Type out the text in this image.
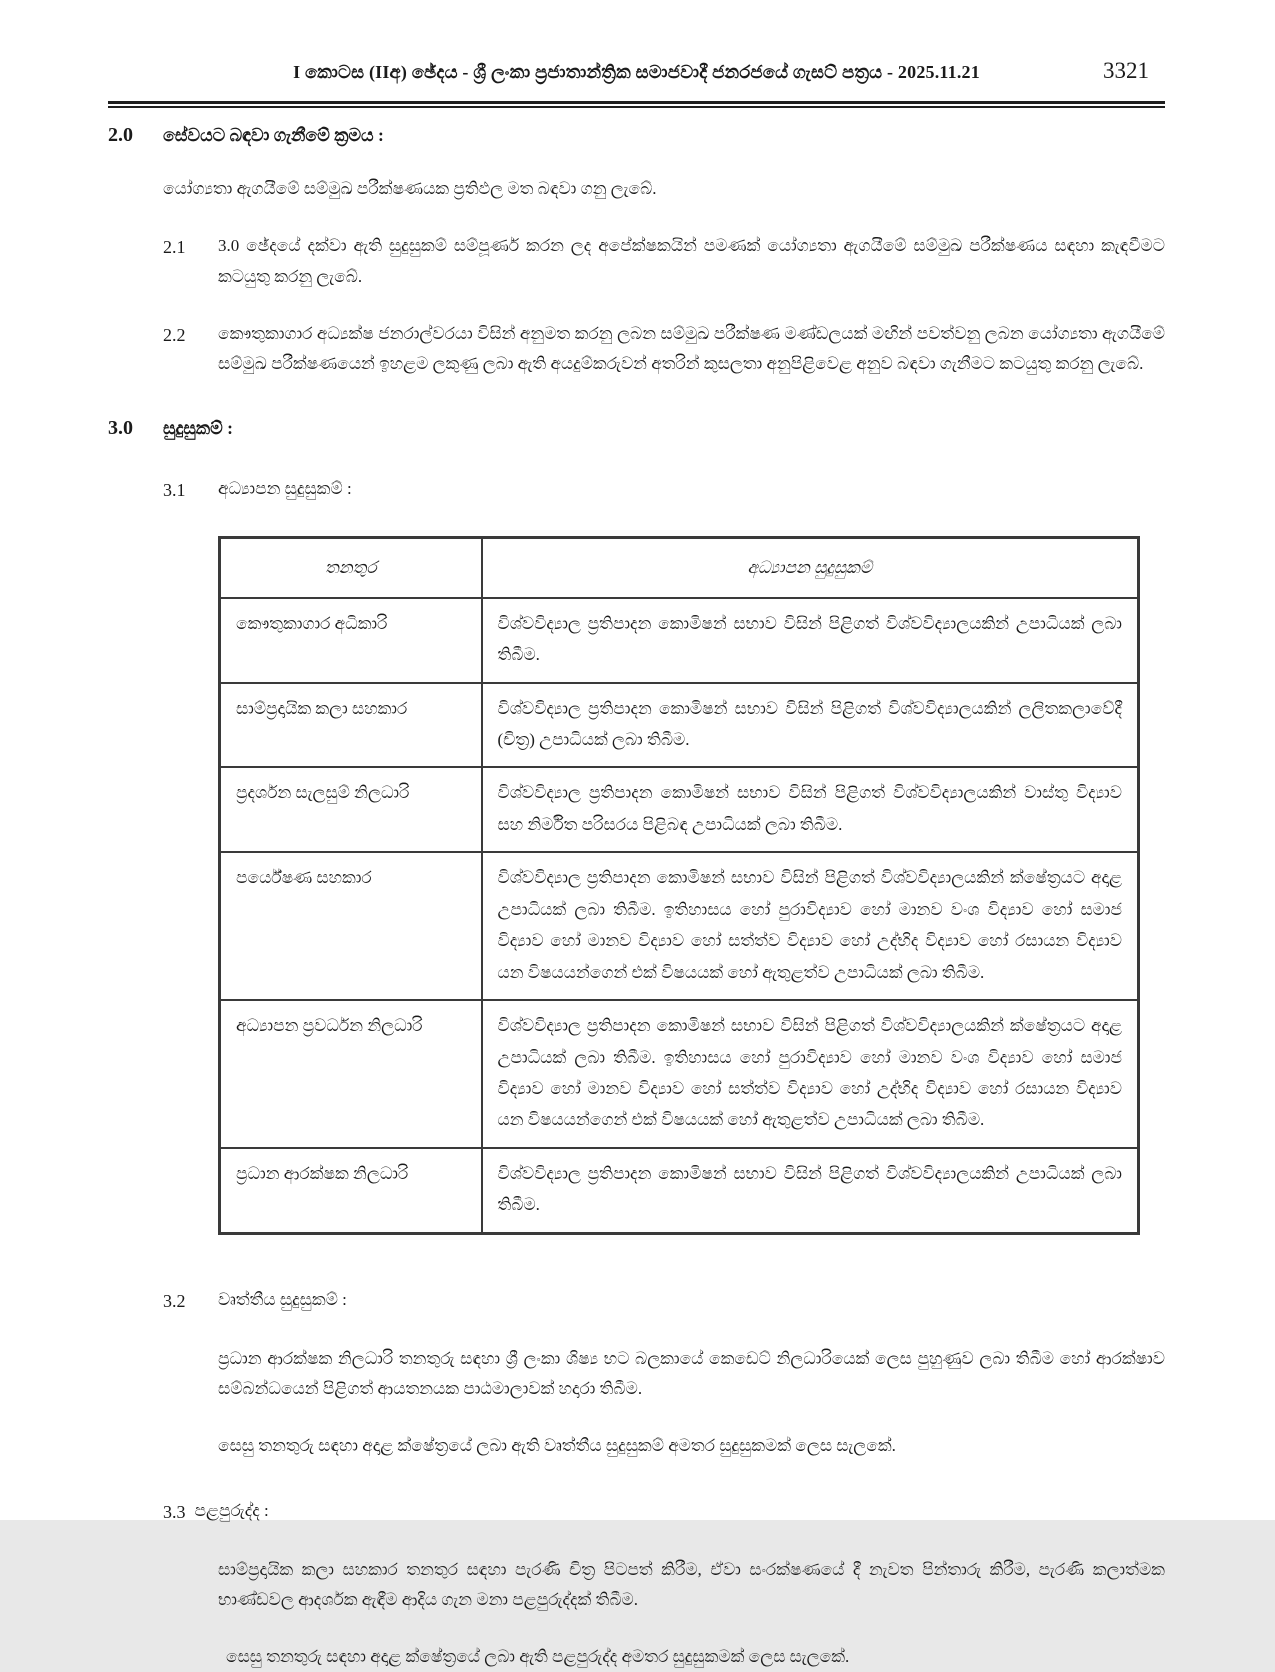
I කොටස (IIඅ) ඡේදය - ශ්‍රී ලංකා ප්‍රජාතාන්ත්‍රික සමාජවාදී ජනරජයේ ගැසට් පත්‍රය - 2025.11.21	3321
2.0	සේවයට බඳවා ගැනීමේ ක්‍රමය :

යෝග්‍යතා ඇගයීමේ සම්මුඛ පරීක්ෂණයක ප්‍රතිඵල මත බඳවා ගනු ලැබේ.

2.1	3.0 ඡේදයේ දක්වා ඇති සුදුසුකම් සම්පූර්ණ කරන ලද අපේක්ෂකයින් පමණක් යෝග්‍යතා ඇගයීමේ සම්මුඛ පරීක්ෂණය සඳහා කැඳවීමට කටයුතු කරනු ලැබේ.
2.2	කෞතුකාගාර අධ්‍යක්ෂ ජනරාල්වරයා විසින් අනුමත කරනු ලබන සම්මුඛ පරීක්ෂණ මණ්ඩලයක් මඟින් පවත්වනු ලබන යෝග්‍යතා ඇගයීමේ සම්මුඛ පරීක්ෂණයෙන් ඉහළම ලකුණු ලබා ඇති අයදුම්කරුවන් අතරින් කුසලතා අනුපිළිවෙළ අනුව බඳවා ගැනීමට කටයුතු කරනු ලැබේ.
3.0	සුදුසුකම් :
3.1	අධ්‍යාපන සුදුසුකම් :
තනතුර	අධ්‍යාපන සුදුසුකම්
කෞතුකාගාර අධිකාරි	විශ්වවිද්‍යාල ප්‍රතිපාදන කොමිෂන් සභාව විසින් පිළිගත් විශ්වවිද්‍යාලයකින් උපාධියක් ලබා තිබීම.
සාම්ප්‍රදායික කලා සහකාර	විශ්වවිද්‍යාල ප්‍රතිපාදන කොමිෂන් සභාව විසින් පිළිගත් විශ්වවිද්‍යාලයකින් ලලිතකලාවේදී (චිත්‍ර) උපාධියක් ලබා තිබීම.
ප්‍රදර්ශන සැලසුම් නිලධාරි	විශ්වවිද්‍යාල ප්‍රතිපාදන කොමිෂන් සභාව විසින් පිළිගත් විශ්වවිද්‍යාලයකින් වාස්තු විද්‍යාව සහ නිර්මිත පරිසරය පිළිබඳ උපාධියක් ලබා තිබීම.
පර්යේෂණ සහකාර	විශ්වවිද්‍යාල ප්‍රතිපාදන කොමිෂන් සභාව විසින් පිළිගත් විශ්වවිද්‍යාලයකින් ක්ෂේත්‍රයට අදාළ උපාධියක් ලබා තිබීම. ඉතිහාසය හෝ පුරාවිද්‍යාව හෝ මානව වංශ විද්‍යාව හෝ සමාජ විද්‍යාව හෝ මානව විද්‍යාව හෝ සත්ත්ව විද්‍යාව හෝ උද්භිද විද්‍යාව හෝ රසායන විද්‍යාව යන විෂයයන්ගෙන් එක් විෂයයක් හෝ ඇතුළත්ව උපාධියක් ලබා තිබීම.
අධ්‍යාපන ප්‍රවර්ධන නිලධාරි	විශ්වවිද්‍යාල ප්‍රතිපාදන කොමිෂන් සභාව විසින් පිළිගත් විශ්වවිද්‍යාලයකින් ක්ෂේත්‍රයට අදාළ උපාධියක් ලබා තිබීම. ඉතිහාසය හෝ පුරාවිද්‍යාව හෝ මානව වංශ විද්‍යාව හෝ සමාජ විද්‍යාව හෝ මානව විද්‍යාව හෝ සත්ත්ව විද්‍යාව හෝ උද්භිද විද්‍යාව හෝ රසායන විද්‍යාව යන විෂයයන්ගෙන් එක් විෂයයක් හෝ ඇතුළත්ව උපාධියක් ලබා තිබීම.
ප්‍රධාන ආරක්ෂක නිලධාරි	විශ්වවිද්‍යාල ප්‍රතිපාදන කොමිෂන් සභාව විසින් පිළිගත් විශ්වවිද්‍යාලයකින් උපාධියක් ලබා තිබීම.
3.2	වෘත්තීය සුදුසුකම් :

ප්‍රධාන ආරක්ෂක නිලධාරි තනතුරු සඳහා ශ්‍රී ලංකා ශිෂ්‍ය භට බලකායේ කෙඩෙට් නිලධාරියෙක් ලෙස පුහුණුව ලබා තිබීම හෝ ආරක්ෂාව සම්බන්ධයෙන් පිළිගත් ආයතනයක පාඨමාලාවක් හදාරා තිබීම.

සෙසු තනතුරු සඳහා අදාළ ක්ෂේත්‍රයේ ලබා ඇති වෘත්තීය සුදුසුකම් අමතර සුදුසුකමක් ලෙස සැලකේ.

3.3 පළපුරුද්ද :

සාම්ප්‍රදායික කලා සහකාර තනතුර සඳහා පැරණි චිත්‍ර පිටපත් කිරීම, ඒවා සංරක්ෂණයේ දී නැවත පින්තාරු කිරීම, පැරණි කලාත්මක භාණ්ඩවල ආදර්ශක ඇඳීම ආදිය ගැන මනා පළපුරුද්දක් තිබීම.

සෙසු තනතුරු සඳහා අදාළ ක්ෂේත්‍රයේ ලබා ඇති පළපුරුද්ද අමතර සුදුසුකමක් ලෙස සැලකේ.
